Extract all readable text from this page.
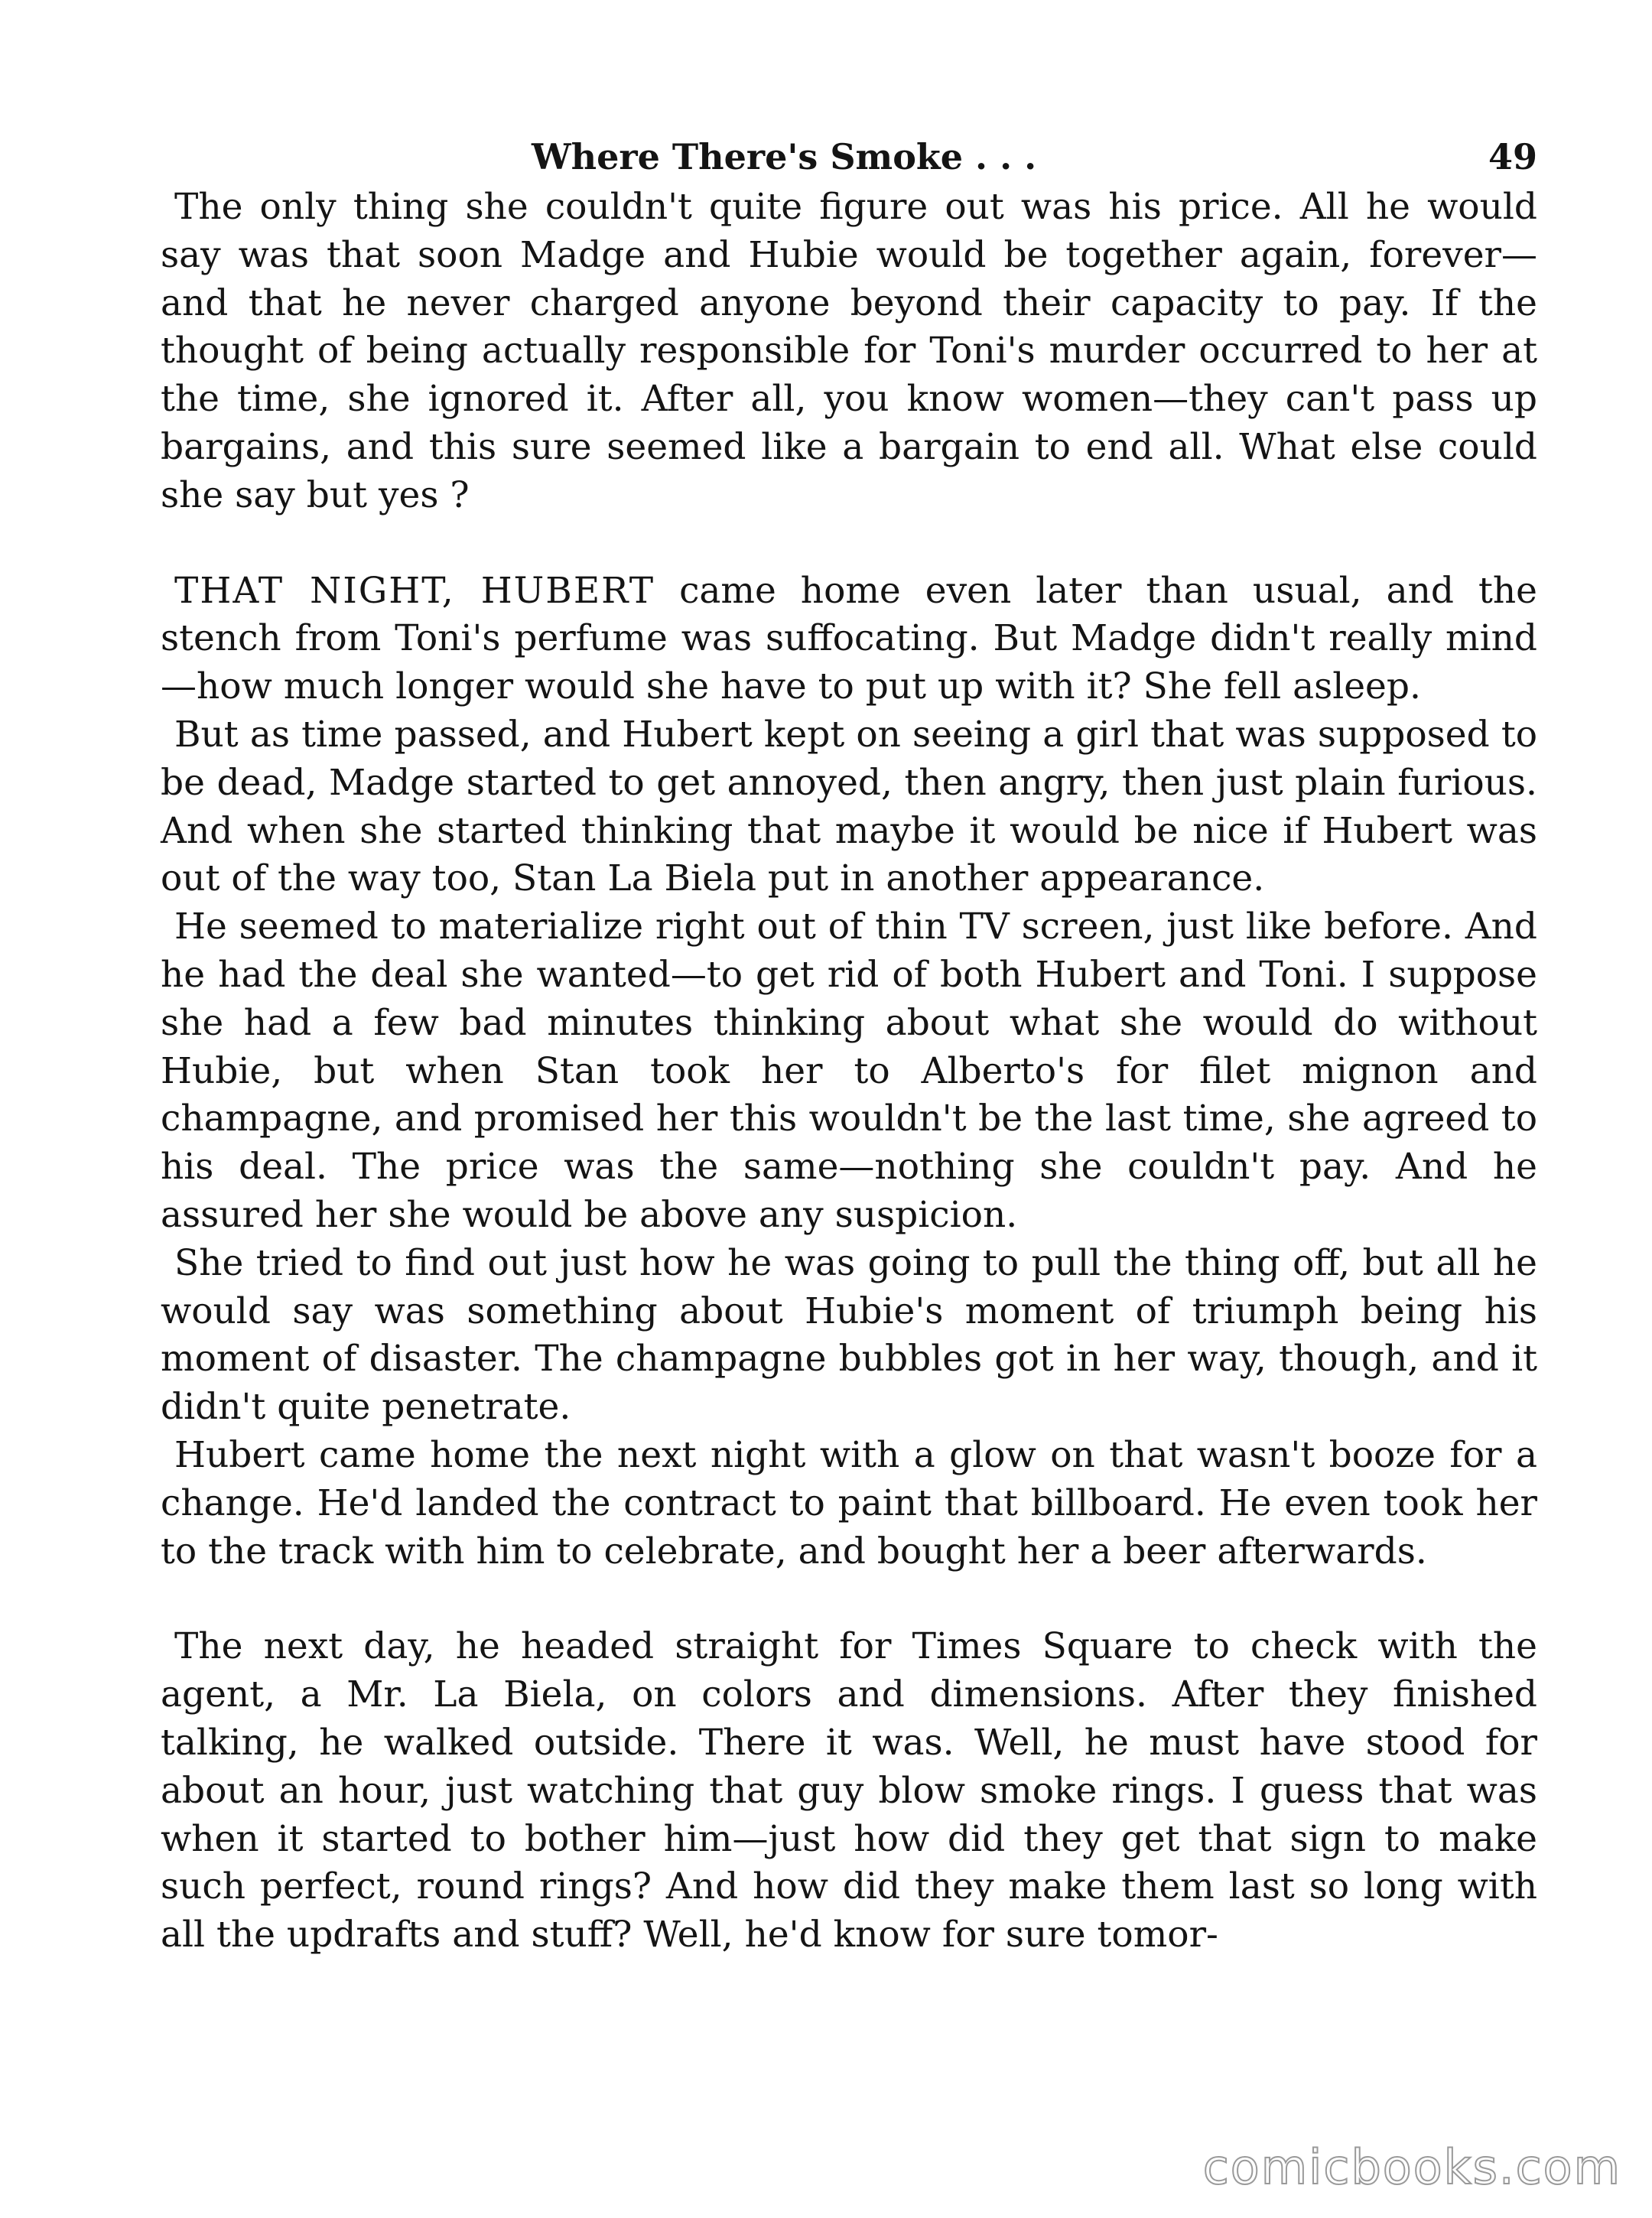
Where There's Smoke . . .	49

The only thing she couldn't quite figure out was his price. All he would say was that soon Madge and Hubie would be together again, forever— and that he never charged anyone beyond their capacity to pay. If the thought of being actually responsible for Toni's murder occurred to her at the time, she ignored it. After all, you know women—they can't pass up bargains, and this sure seemed like a bargain to end all. What else could she say but yes ?

THAT NIGHT, HUBERT came home even later than usual, and the stench from Toni's perfume was suffocating. But Madge didn't really mind—how much longer would she have to put up with it? She fell asleep.

But as time passed, and Hubert kept on seeing a girl that was supposed to be dead, Madge started to get annoyed, then angry, then just plain furious. And when she started thinking that maybe it would be nice if Hubert was out of the way too, Stan La Biela put in another appearance.

He seemed to materialize right out of thin TV screen, just like before. And he had the deal she wanted—to get rid of both Hubert and Toni. I suppose she had a few bad minutes thinking about what she would do without Hubie, but when Stan took her to Alberto's for filet mignon and champagne, and promised her this wouldn't be the last time, she agreed to his deal. The price was the same—nothing she couldn't pay. And he assured her she would be above any suspicion.

She tried to find out just how he was going to pull the thing off, but all he would say was something about Hubie's moment of triumph being his moment of disaster. The champagne bubbles got in her way, though, and it didn't quite penetrate.

Hubert came home the next night with a glow on that wasn't booze for a change. He'd landed the contract to paint that billboard. He even took her to the track with him to celebrate, and bought her a beer afterwards.

The next day, he headed straight for Times Square to check with the agent, a Mr. La Biela, on colors and dimensions. After they finished talking, he walked outside. There it was. Well, he must have stood for about an hour, just watching that guy blow smoke rings. I guess that was when it started to bother him—just how did they get that sign to make such perfect, round rings? And how did they make them last so long with all the updrafts and stuff? Well, he'd know for sure tomor-

comicbooks.com
